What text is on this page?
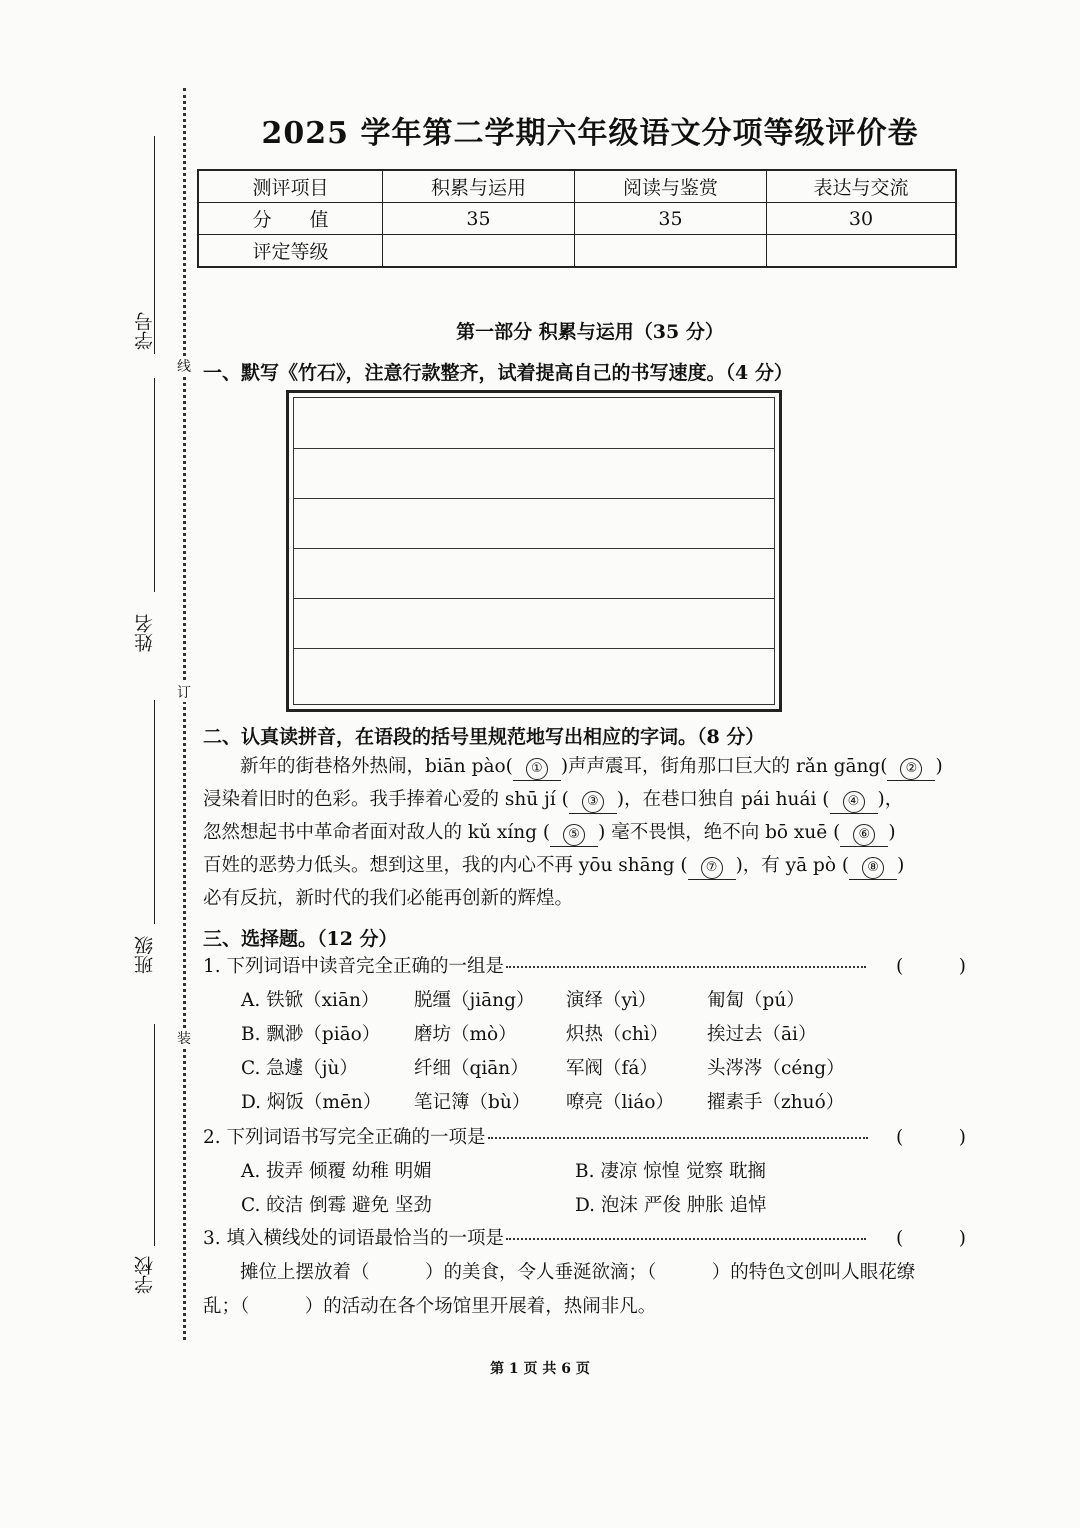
学号
姓名
班级
学校
线
订
装
2025 学年第二学期六年级语文分项等级评价卷
测评项目	积累与运用	阅读与鉴赏	表达与交流
分　　值	35	35	30
评定等级			
第一部分 积累与运用（35 分）
一、默写《竹石》，注意行款整齐，试着提高自己的书写速度。（4 分）
二、认真读拼音，在语段的括号里规范地写出相应的字词。（8 分）

　　新年的街巷格外热闹，biān pào( ① )声声震耳，街角那口巨大的 rǎn gāng( ② )

浸染着旧时的色彩。我手捧着心爱的 shū jí ( ③ )，在巷口独自 pái huái ( ④ )，

忽然想起书中革命者面对敌人的 kǔ xíng ( ⑤ ) 毫不畏惧，绝不向 bō xuē ( ⑥ )

百姓的恶势力低头。想到这里，我的内心不再 yōu shāng ( ⑦ )，有 yā pò ( ⑧ )

必有反抗，新时代的我们必能再创新的辉煌。

三、选择题。（12 分）
1. 下列词语中读音完全正确的一组是	(　　　)
A. 铁锨（xiān）	脱缰（jiāng）	演绎（yì）	匍匐（pú）
B. 飘渺（piāo）	磨坊（mò）	炽热（chì）	挨过去（āi）
C. 急遽（jù）	纤细（qiān）	军阀（fá）	头涔涔（céng）
D. 焖饭（mēn）	笔记簿（bù）	嘹亮（liáo）	擢素手（zhuó）
2. 下列词语书写完全正确的一项是	(　　　)
A. 拔弄 倾覆 幼稚 明媚	B. 凄凉 惊惶 觉察 耽搁
C. 皎洁 倒霉 避免 坚劲	D. 泡沫 严俊 肿胀 追悼
3. 填入横线处的词语最恰当的一项是	(　　　)
　　摊位上摆放着（　　　）的美食，令人垂涎欲滴；（　　　）的特色文创叫人眼花缭
乱；（　　　）的活动在各个场馆里开展着，热闹非凡。
第 1 页 共 6 页
